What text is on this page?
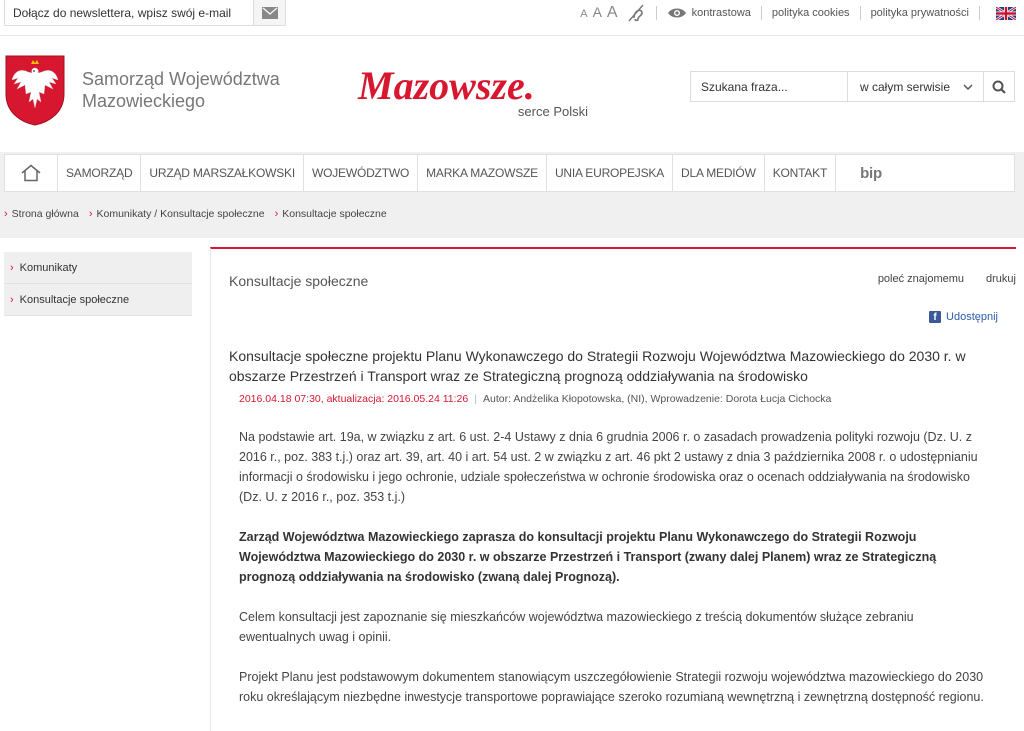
Dołącz do newslettera, wpisz swój e-mail
A A A	kontrastowa polityka cookies polityka prywatności
Samorząd Województwa
Mazowieckiego	Mazowsze.
serce Polski
Szukana fraza...
w całym serwisie
SAMORZĄD	URZĄD MARSZAŁKOWSKI	WOJEWÓDZTWO	MARKA MAZOWSZE	UNIA EUROPEJSKA	DLA MEDIÓW	KONTAKT	bip
› Strona główna › Komunikaty / Konsultacje społeczne › Konsultacje społeczne
› Komunikaty
› Konsultacje społeczne
Konsultacje społeczne	poleć znajomemu drukuj
f Udostępnij
Konsultacje społeczne projektu Planu Wykonawczego do Strategii Rozwoju Województwa Mazowieckiego do 2030 r. w obszarze Przestrzeń i Transport wraz ze Strategiczną prognozą oddziaływania na środowisko
2016.04.18 07:30, aktualizacja: 2016.05.24 11:26 | Autor: Andżelika Kłopotowska, (NI), Wprowadzenie: Dorota Łucja Cichocka

Na podstawie art. 19a, w związku z art. 6 ust. 2-4 Ustawy z dnia 6 grudnia 2006 r. o zasadach prowadzenia polityki rozwoju (Dz. U. z 2016 r., poz. 383 t.j.) oraz art. 39, art. 40 i art. 54 ust. 2 w związku z art. 46 pkt 2 ustawy z dnia 3 października 2008 r. o udostępnianiu informacji o środowisku i jego ochronie, udziale społeczeństwa w ochronie środowiska oraz o ocenach oddziaływania na środowisko (Dz. U. z 2016 r., poz. 353 t.j.)

Zarząd Województwa Mazowieckiego zaprasza do konsultacji projektu Planu Wykonawczego do Strategii Rozwoju Województwa Mazowieckiego do 2030 r. w obszarze Przestrzeń i Transport (zwany dalej Planem) wraz ze Strategiczną prognozą oddziaływania na środowisko (zwaną dalej Prognozą).

Celem konsultacji jest zapoznanie się mieszkańców województwa mazowieckiego z treścią dokumentów służące zebraniu ewentualnych uwag i opinii.

Projekt Planu jest podstawowym dokumentem stanowiącym uszczegółowienie Strategii rozwoju województwa mazowieckiego do 2030 roku określającym niezbędne inwestycje transportowe poprawiające szeroko rozumianą wewnętrzną i zewnętrzną dostępność regionu.
